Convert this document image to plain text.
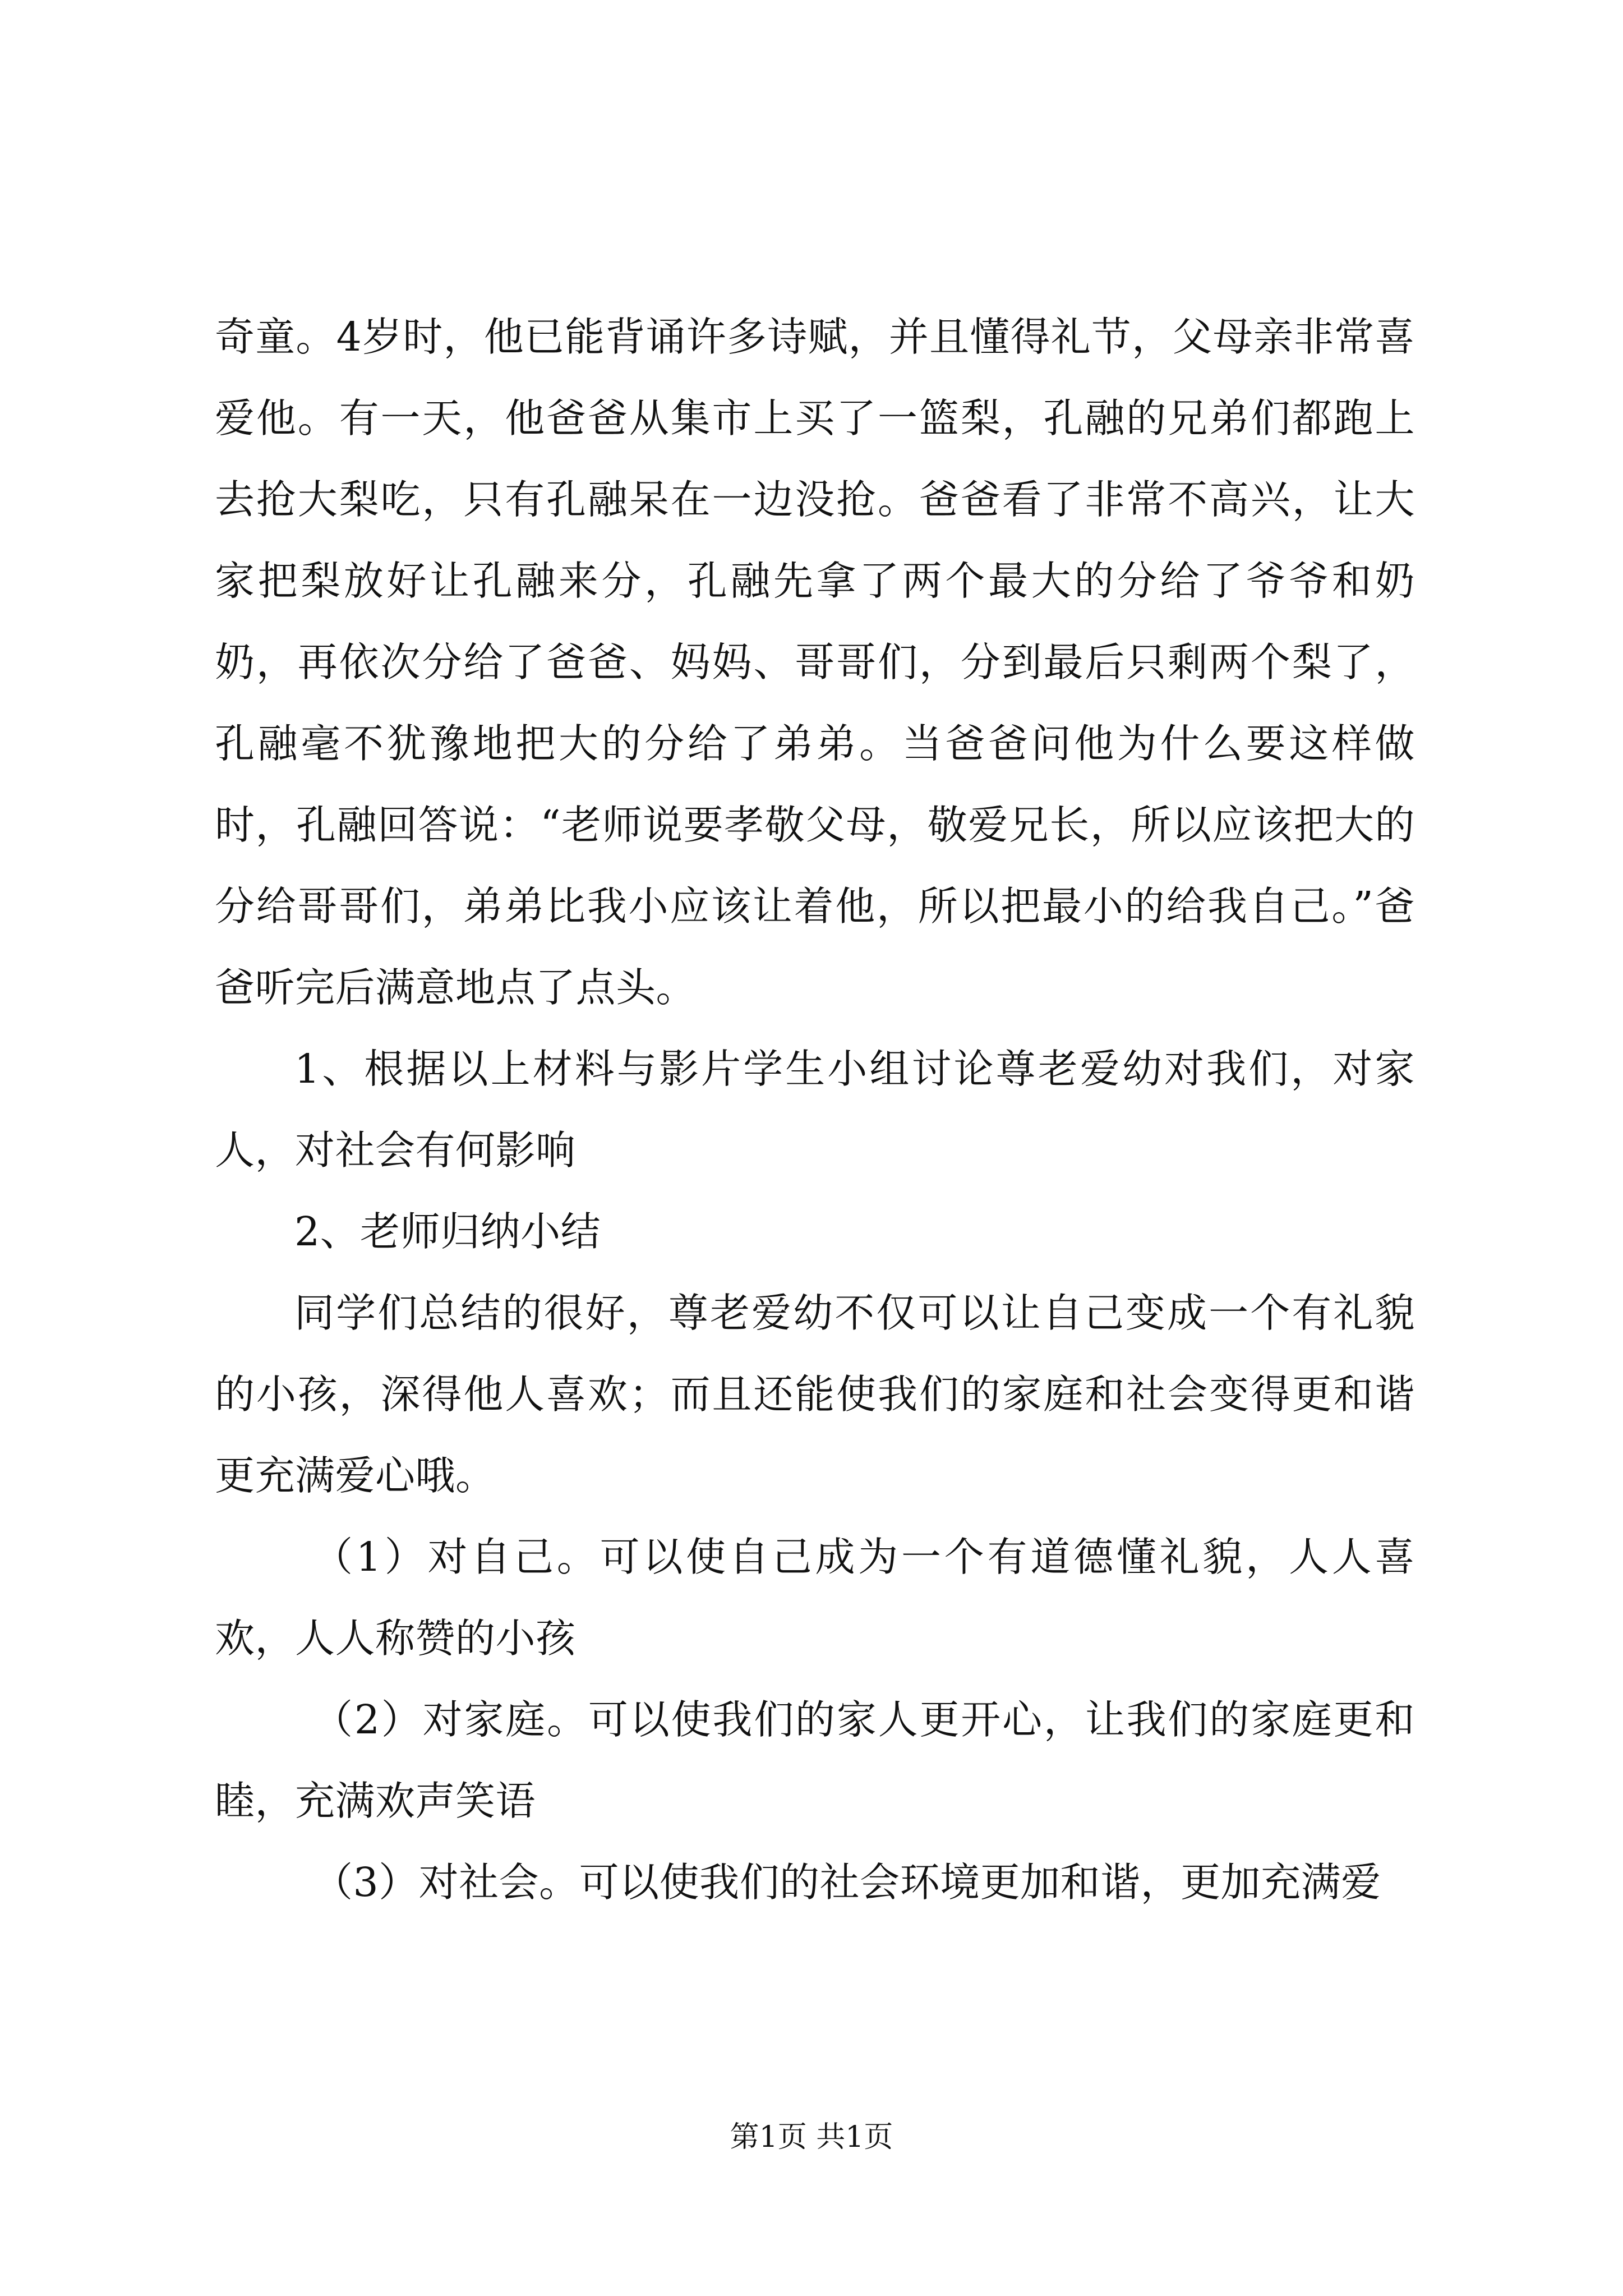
奇童。4岁时，他已能背诵许多诗赋，并且懂得礼节，父母亲非常喜爱他。有一天，他爸爸从集市上买了一篮梨，孔融的兄弟们都跑上去抢大梨吃，只有孔融呆在一边没抢。爸爸看了非常不高兴，让大家把梨放好让孔融来分，孔融先拿了两个最大的分给了爷爷和奶奶，再依次分给了爸爸、妈妈、哥哥们，分到最后只剩两个梨了，孔融毫不犹豫地把大的分给了弟弟。当爸爸问他为什么要这样做时，孔融回答说：“老师说要孝敬父母，敬爱兄长，所以应该把大的分给哥哥们，弟弟比我小应该让着他，所以把最小的给我自己。”爸爸听完后满意地点了点头。

1、根据以上材料与影片学生小组讨论尊老爱幼对我们，对家人，对社会有何影响

2、老师归纳小结

同学们总结的很好，尊老爱幼不仅可以让自己变成一个有礼貌的小孩，深得他人喜欢；而且还能使我们的家庭和社会变得更和谐更充满爱心哦。

（1）对自己。可以使自己成为一个有道德懂礼貌，人人喜欢，人人称赞的小孩

（2）对家庭。可以使我们的家人更开心，让我们的家庭更和睦，充满欢声笑语

（3）对社会。可以使我们的社会环境更加和谐，更加充满爱

第1页 共1页
